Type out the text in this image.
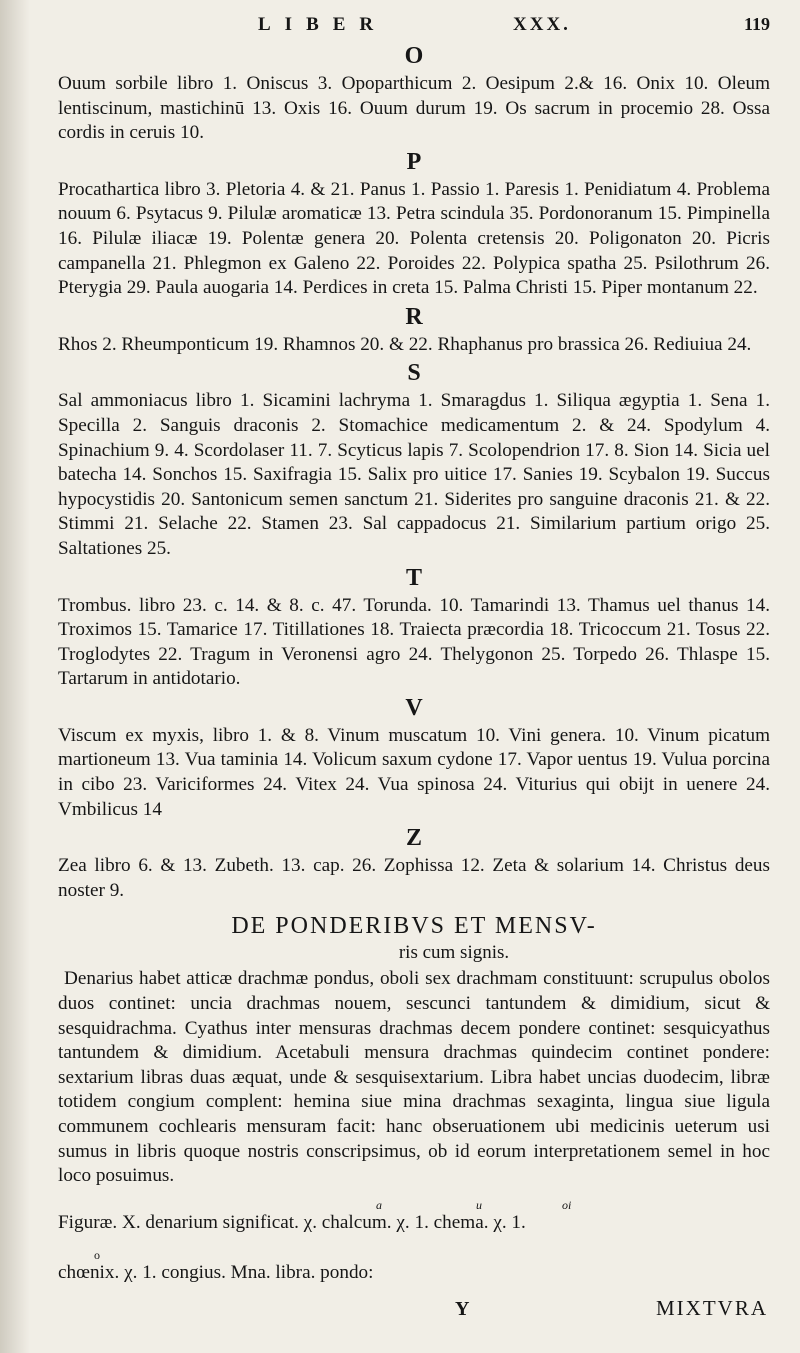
LIBER	XXX.	119
O

Ouum sorbile libro 1. Oniscus 3. Opoparthicum 2. Oesipum 2.& 16. Onix 10. Oleum lentiscinum, mastichinū 13. Oxis 16. Ouum durum 19. Os sacrum in procemio 28. Ossa cordis in ceruis 10.

P

Procathartica libro 3. Pletoria 4. & 21. Panus 1. Passio 1. Paresis 1. Penidiatum 4. Problema nouum 6. Psytacus 9. Pilulæ aromaticæ 13. Petra scindula 35. Pordonoranum 15. Pimpinella 16. Pilulæ iliacæ 19. Polentæ genera 20. Polenta cretensis 20. Poligonaton 20. Picris campanella 21. Phlegmon ex Galeno 22. Poroides 22. Polypica spatha 25. Psilothrum 26. Pterygia 29. Paula auogaria 14. Perdices in creta 15. Palma Christi 15. Piper montanum 22.

R

Rhos 2. Rheumponticum 19. Rhamnos 20. & 22. Rhaphanus pro brassica 26. Rediuiua 24.

S

Sal ammoniacus libro 1. Sicamini lachryma 1. Smaragdus 1. Siliqua ægyptia 1. Sena 1. Specilla 2. Sanguis draconis 2. Stomachice medicamentum 2. & 24. Spodylum 4. Spinachium 9. 4. Scordolaser 11. 7. Scyticus lapis 7. Scolopendrion 17. 8. Sion 14. Sicia uel batecha 14. Sonchos 15. Saxifragia 15. Salix pro uitice 17. Sanies 19. Scybalon 19. Succus hypocystidis 20. Santonicum semen sanctum 21. Siderites pro sanguine draconis 21. & 22. Stimmi 21. Selache 22. Stamen 23. Sal cappadocus 21. Similarium partium origo 25. Saltationes 25.

T

Trombus. libro 23. c. 14. & 8. c. 47. Torunda. 10. Tamarindi 13. Thamus uel thanus 14. Troximos 15. Tamarice 17. Titillationes 18. Traiecta præcordia 18. Tricoccum 21. Tosus 22. Troglodytes 22. Tragum in Veronensi agro 24. Thelygonon 25. Torpedo 26. Thlaspe 15. Tartarum in antidotario.

V

Viscum ex myxis, libro 1. & 8. Vinum muscatum 10. Vini genera. 10. Vinum picatum martioneum 13. Vua taminia 14. Volicum saxum cydone 17. Vapor uentus 19. Vulua porcina in cibo 23. Variciformes 24. Vitex 24. Vua spinosa 24. Viturius qui obijt in uenere 24. Vmbilicus 14

Z

Zea libro 6. & 13. Zubeth. 13. cap. 26. Zophissa 12. Zeta & solarium 14. Christus deus noster 9.

DE PONDERIBVS ET MENSV-
ris cum signis.

Denarius habet atticæ drachmæ pondus, oboli sex drachmam constituunt: scrupulus obolos duos continet: uncia drachmas nouem, sescunci tantundem & dimidium, sicut & sesquidrachma. Cyathus inter mensuras drachmas decem pondere continet: sesquicyathus tantundem & dimidium. Acetabuli mensura drachmas quindecim continet pondere: sextarium libras duas æquat, unde & sesquisextarium. Libra habet uncias duodecim, libræ totidem congium complent: hemina siue mina drachmas sexaginta, lingua siue ligula communem cochlearis mensuram facit: hanc obseruationem ubi medicinis ueterum usi sumus in libris quoque nostris conscripsimus, ob id eorum interpretationem semel in hoc loco posuimus.

a	u	oi
Figuræ. X. denarium significat. χ. chalcum. χ. 1. chema. χ. 1.
o
chœnix. χ. 1. congius. Mna. libra. pondo:
Y	MIXTVRA
